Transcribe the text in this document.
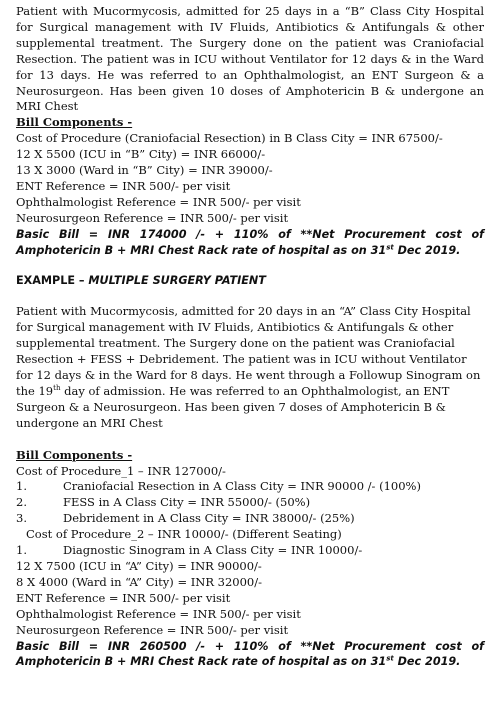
Patient with Mucormycosis, admitted for 25 days in a “B” Class City Hospital for Surgical management with IV Fluids, Antibiotics & Antifungals & other supplemental treatment. The Surgery done on the patient was Craniofacial Resection. The patient was in ICU without Ventilator for 12 days & in the Ward for 13 days. He was referred to an Ophthalmologist, an ENT Surgeon & a Neurosurgeon. Has been given 10 doses of Amphotericin B & undergone an MRI Chest

Bill Components -
Cost of Procedure (Craniofacial Resection) in B Class City = INR 67500/-
12 X 5500 (ICU in “B” City) = INR 66000/-
13 X 3000 (Ward in “B” City) = INR 39000/-
ENT Reference = INR 500/- per visit
Ophthalmologist Reference = INR 500/- per visit
Neurosurgeon Reference = INR 500/- per visit
Basic Bill = INR 174000 /- + 110% of **Net Procurement cost of Amphotericin B + MRI Chest Rack rate of hospital as on 31st Dec 2019.
EXAMPLE – MULTIPLE SURGERY PATIENT

Patient with Mucormycosis, admitted for 20 days in an “A” Class City Hospital for Surgical management with IV Fluids, Antibiotics & Antifungals & other supplemental treatment. The Surgery done on the patient was Craniofacial Resection + FESS + Debridement. The patient was in ICU without Ventilator for 12 days & in the Ward for 8 days. He went through a Followup Sinogram on the 19th day of admission. He was referred to an Ophthalmologist, an ENT Surgeon & a Neurosurgeon. Has been given 7 doses of Amphotericin B & undergone an MRI Chest

Bill Components -
Cost of Procedure_1 – INR 127000/-
1.	Craniofacial Resection in A Class City = INR 90000 /- (100%)
2.	FESS in A Class City = INR 55000/- (50%)
3.	Debridement in A Class City = INR 38000/- (25%)
Cost of Procedure_2 – INR 10000/- (Different Seating)
1.	Diagnostic Sinogram in A Class City = INR 10000/-
12 X 7500 (ICU in “A” City) = INR 90000/-
8 X 4000 (Ward in “A” City) = INR 32000/-
ENT Reference = INR 500/- per visit
Ophthalmologist Reference = INR 500/- per visit
Neurosurgeon Reference = INR 500/- per visit
Basic Bill = INR 260500 /- + 110% of **Net Procurement cost of Amphotericin B + MRI Chest Rack rate of hospital as on 31st Dec 2019.
